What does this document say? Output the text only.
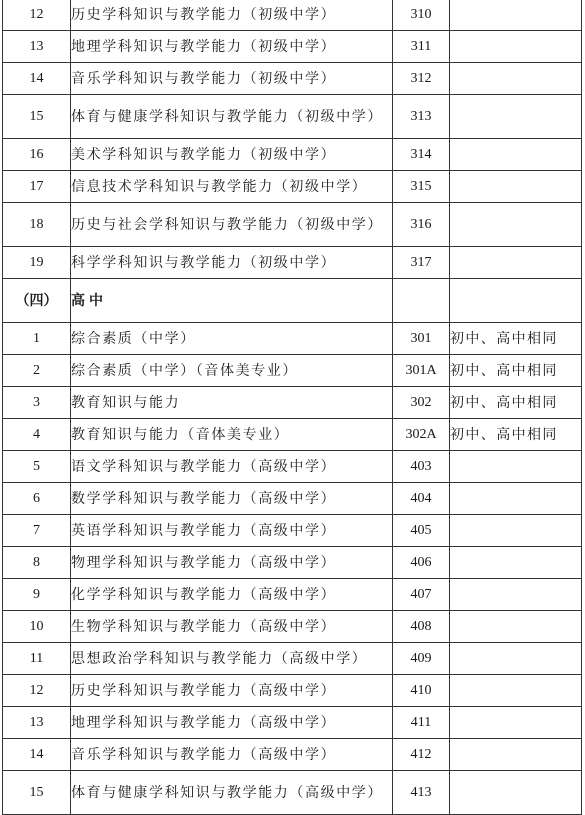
12	历史学科知识与教学能力（初级中学）	310	
13	地理学科知识与教学能力（初级中学）	311	
14	音乐学科知识与教学能力（初级中学）	312	
15	体育与健康学科知识与教学能力（初级中学）	313	
16	美术学科知识与教学能力（初级中学）	314	
17	信息技术学科知识与教学能力（初级中学）	315	
18	历史与社会学科知识与教学能力（初级中学）	316	
19	科学学科知识与教学能力（初级中学）	317	
（四）	高中		
1	综合素质（中学）	301	初中、高中相同
2	综合素质（中学）（音体美专业）	301A	初中、高中相同
3	教育知识与能力	302	初中、高中相同
4	教育知识与能力（音体美专业）	302A	初中、高中相同
5	语文学科知识与教学能力（高级中学）	403	
6	数学学科知识与教学能力（高级中学）	404	
7	英语学科知识与教学能力（高级中学）	405	
8	物理学科知识与教学能力（高级中学）	406	
9	化学学科知识与教学能力（高级中学）	407	
10	生物学科知识与教学能力（高级中学）	408	
11	思想政治学科知识与教学能力（高级中学）	409	
12	历史学科知识与教学能力（高级中学）	410	
13	地理学科知识与教学能力（高级中学）	411	
14	音乐学科知识与教学能力（高级中学）	412	
15	体育与健康学科知识与教学能力（高级中学）	413	
